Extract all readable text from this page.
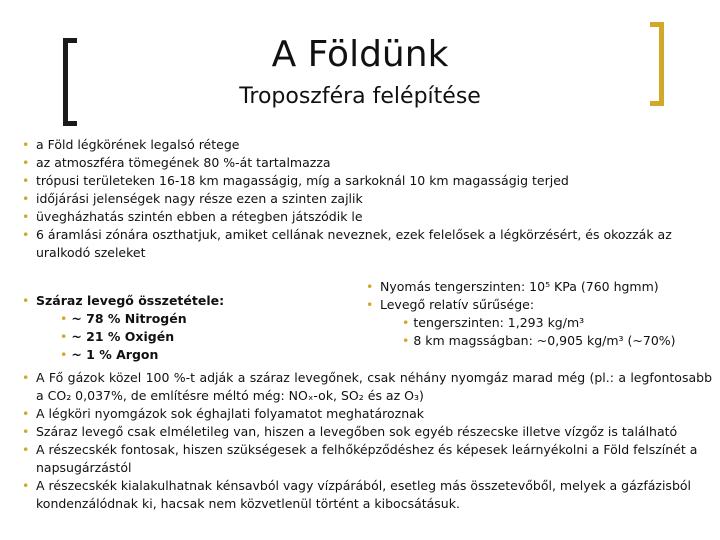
A Földünk
Troposzféra felépítése
• a Föld légkörének legalsó rétege
• az atmoszféra tömegének 80 %-át tartalmazza
• trópusi területeken 16-18 km magasságig, míg a sarkoknál 10 km magasságig terjed
• időjárási jelenségek nagy része ezen a szinten zajlik
• üvegházhatás szintén ebben a rétegben játszódik le
• 6 áramlási zónára oszthatjuk, amiket cellának neveznek, ezek felelősek a légkörzésért, és okozzák az uralkodó szeleket
• Száraz levegő összetétele:
• ~ 78 % Nitrogén
• ~ 21 % Oxigén
• ~ 1 % Argon
• Nyomás tengerszinten: 10⁵ KPa (760 hgmm)
• Levegő relatív sűrűsége:
• tengerszinten: 1,293 kg/m³
• 8 km magsságban: ~0,905 kg/m³ (~70%)
• A Fő gázok közel 100 %-t adják a száraz levegőnek, csak néhány nyomgáz marad még (pl.: a legfontosabb a CO₂ 0,037%, de említésre méltó még: NOₓ-ok, SO₂ és az O₃)
• A légköri nyomgázok sok éghajlati folyamatot meghatároznak
• Száraz levegő csak elméletileg van, hiszen a levegőben sok egyéb részecske illetve vízgőz is található
• A részecskék fontosak, hiszen szükségesek a felhőképződéshez és képesek leárnyékolni a Föld felszínét a napsugárzástól
• A részecskék kialakulhatnak kénsavból vagy vízpárából, esetleg más összetevőből, melyek a gázfázisból kondenzálódnak ki, hacsak nem közvetlenül történt a kibocsátásuk.
